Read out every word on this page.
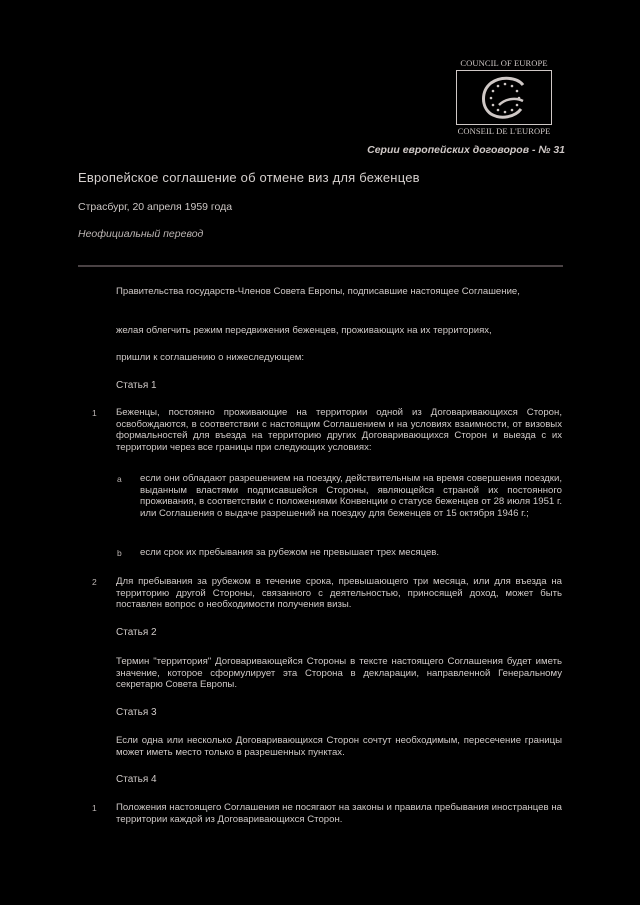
COUNCIL OF EUROPE
CONSEIL DE L'EUROPE
Серии европейских договоров - № 31
Европейское соглашение об отмене виз для беженцев
Страсбург, 20 апреля 1959 года
Неофициальный перевод
Правительства государств-Членов Совета Европы, подписавшие настоящее Соглашение,
желая облегчить режим передвижения беженцев, проживающих на их территориях,
пришли к соглашению о нижеследующем:
Статья 1
1 Беженцы, постоянно проживающие на территории одной из Договаривающихся Сторон, освобождаются, в соответствии с настоящим Соглашением и на условиях взаимности, от визовых формальностей для въезда на территорию других Договаривающихся Сторон и выезда с их территории через все границы при следующих условиях:
a если они обладают разрешением на поездку, действительным на время совершения поездки, выданным властями подписавшейся Стороны, являющейся страной их постоянного проживания, в соответствии с положениями Конвенции о статусе беженцев от 28 июля 1951 г. или Соглашения о выдаче разрешений на поездку для беженцев от 15 октября 1946 г.;
b если срок их пребывания за рубежом не превышает трех месяцев.
2 Для пребывания за рубежом в течение срока, превышающего три месяца, или для въезда на территорию другой Стороны, связанного с деятельностью, приносящей доход, может быть поставлен вопрос о необходимости получения визы.
Статья 2
Термин "территория" Договаривающейся Стороны в тексте настоящего Соглашения будет иметь значение, которое сформулирует эта Сторона в декларации, направленной Генеральному секретарю Совета Европы.
Статья 3
Если одна или несколько Договаривающихся Сторон сочтут необходимым, пересечение границы может иметь место только в разрешенных пунктах.
Статья 4
1 Положения настоящего Соглашения не посягают на законы и правила пребывания иностранцев на территории каждой из Договаривающихся Сторон.
